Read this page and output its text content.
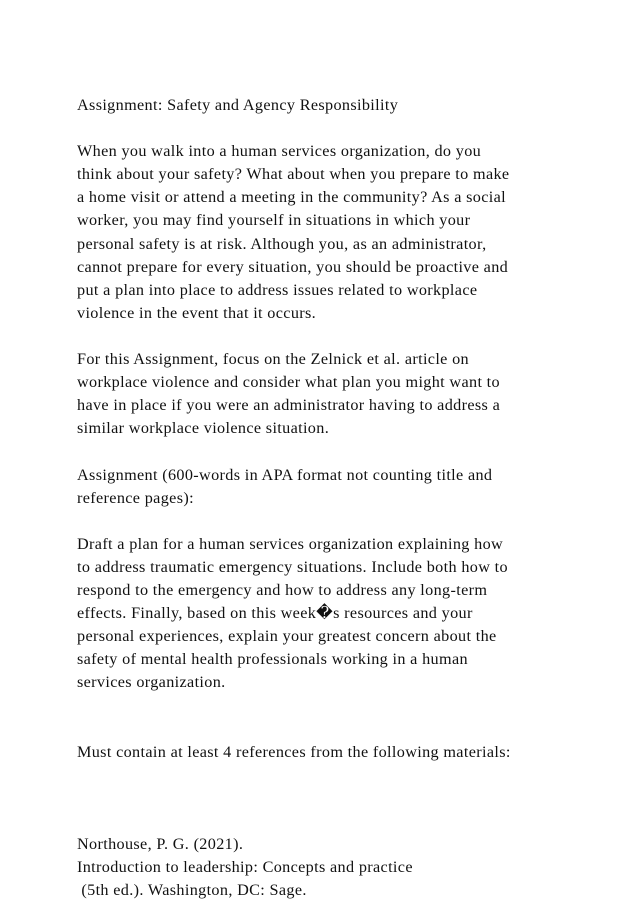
Assignment: Safety and Agency Responsibility
When you walk into a human services organization, do you
think about your safety? What about when you prepare to make
a home visit or attend a meeting in the community? As a social
worker, you may find yourself in situations in which your
personal safety is at risk. Although you, as an administrator,
cannot prepare for every situation, you should be proactive and
put a plan into place to address issues related to workplace
violence in the event that it occurs.
For this Assignment, focus on the Zelnick et al. article on
workplace violence and consider what plan you might want to
have in place if you were an administrator having to address a
similar workplace violence situation.
Assignment (600-words in APA format not counting title and
reference pages):
Draft a plan for a human services organization explaining how
to address traumatic emergency situations. Include both how to
respond to the emergency and how to address any long-term
effects. Finally, based on this week�s resources and your
personal experiences, explain your greatest concern about the
safety of mental health professionals working in a human
services organization.
Must contain at least 4 references from the following materials:
Northouse, P. G. (2021).
Introduction to leadership: Concepts and practice
(5th ed.). Washington, DC: Sage.
